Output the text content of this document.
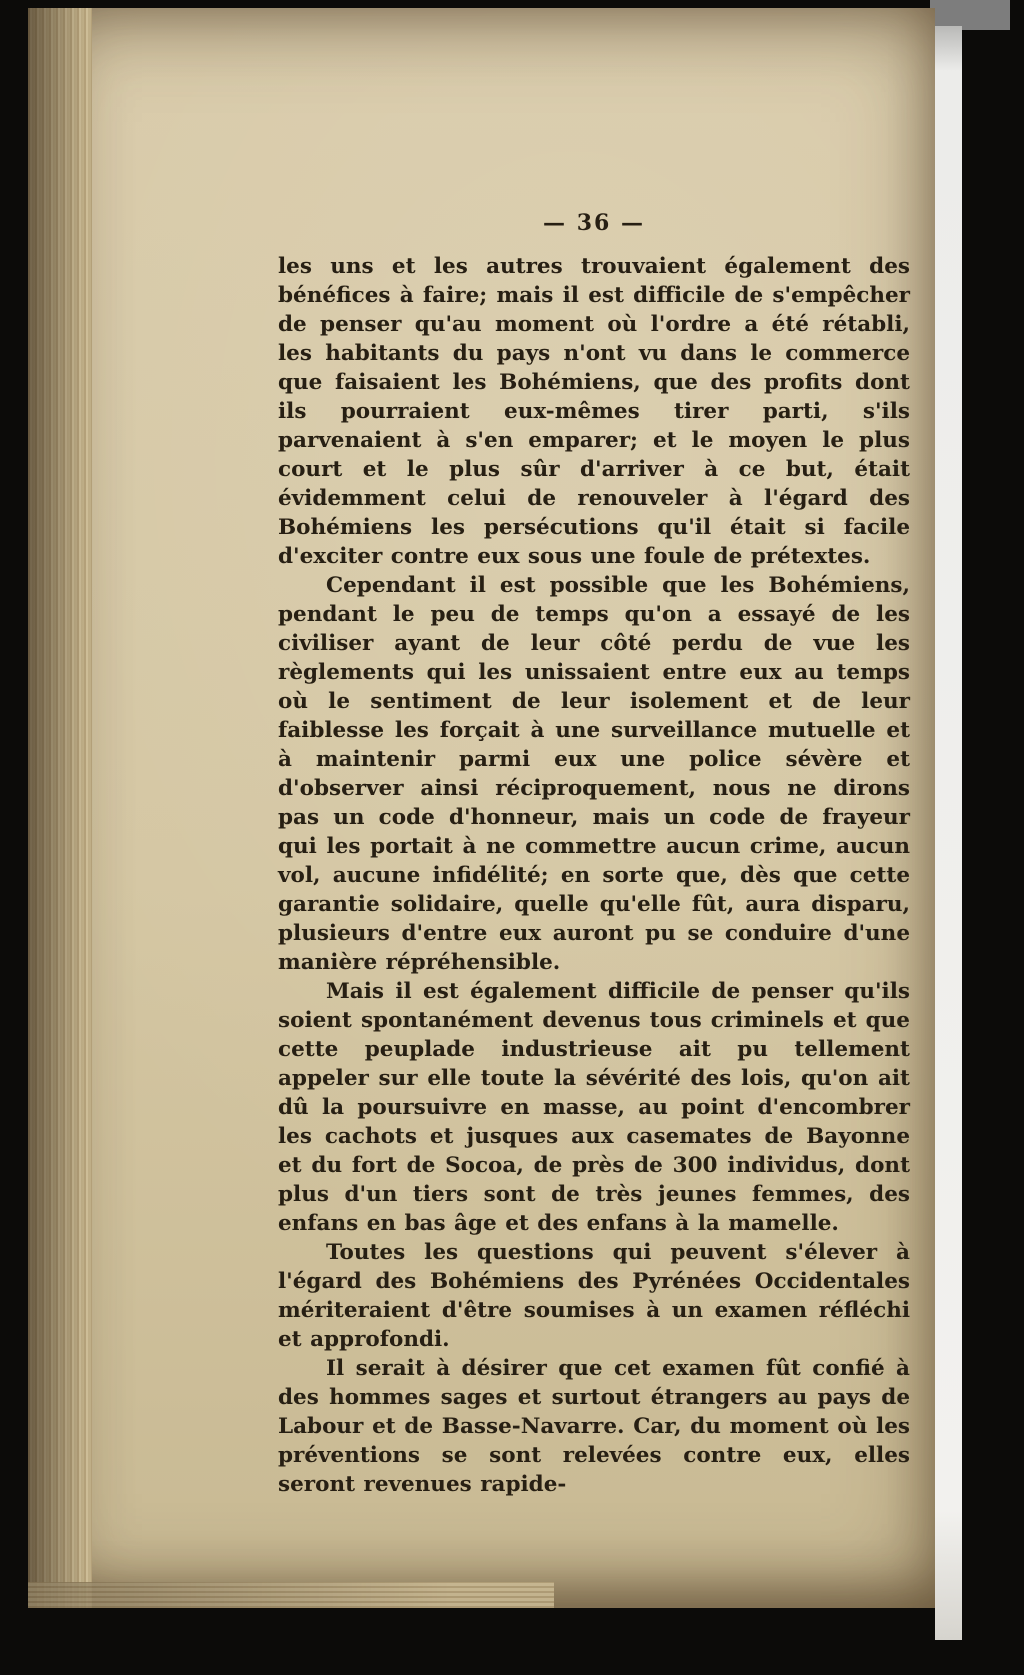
— 36 —

les uns et les autres trouvaient également des bénéfices à faire; mais il est difficile de s'empêcher de penser qu'au moment où l'ordre a été rétabli, les habitants du pays n'ont vu dans le commerce que faisaient les Bohémiens, que des profits dont ils pourraient eux-mêmes tirer parti, s'ils parvenaient à s'en emparer; et le moyen le plus court et le plus sûr d'arriver à ce but, était évidemment celui de renouveler à l'égard des Bohémiens les persécutions qu'il était si facile d'exciter contre eux sous une foule de prétextes.

Cependant il est possible que les Bohémiens, pendant le peu de temps qu'on a essayé de les civiliser ayant de leur côté perdu de vue les règlements qui les unissaient entre eux au temps où le sentiment de leur isolement et de leur faiblesse les forçait à une surveillance mutuelle et à maintenir parmi eux une police sévère et d'observer ainsi réciproquement, nous ne dirons pas un code d'honneur, mais un code de frayeur qui les portait à ne commettre aucun crime, aucun vol, aucune infidélité; en sorte que, dès que cette garantie solidaire, quelle qu'elle fût, aura disparu, plusieurs d'entre eux auront pu se conduire d'une manière répréhensible.

Mais il est également difficile de penser qu'ils soient spontanément devenus tous criminels et que cette peuplade industrieuse ait pu tellement appeler sur elle toute la sévérité des lois, qu'on ait dû la poursuivre en masse, au point d'encombrer les cachots et jusques aux casemates de Bayonne et du fort de Socoa, de près de 300 individus, dont plus d'un tiers sont de très jeunes femmes, des enfans en bas âge et des enfans à la mamelle.

Toutes les questions qui peuvent s'élever à l'égard des Bohémiens des Pyrénées Occidentales mériteraient d'être soumises à un examen réfléchi et approfondi.

Il serait à désirer que cet examen fût confié à des hommes sages et surtout étrangers au pays de Labour et de Basse-Navarre. Car, du moment où les préventions se sont relevées contre eux, elles seront revenues rapide-
